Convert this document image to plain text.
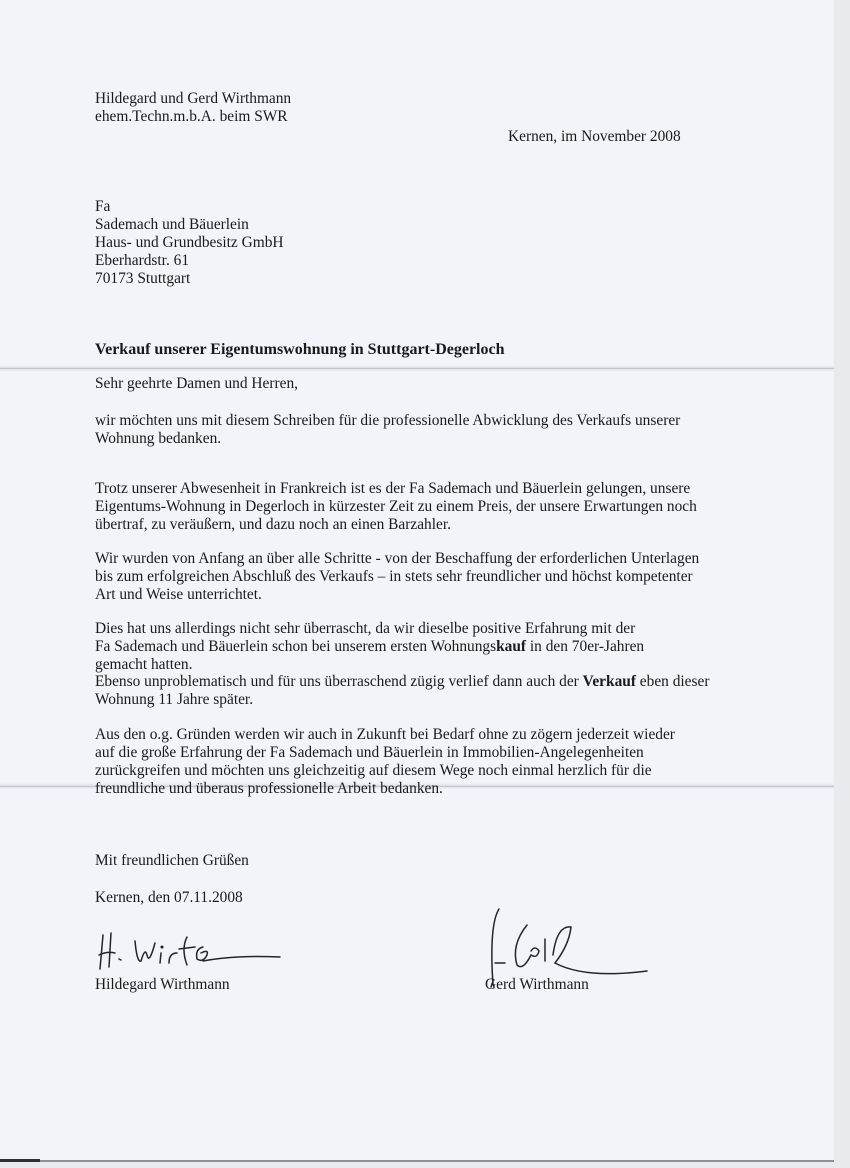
Hildegard und Gerd Wirthmann

ehem.Techn.m.b.A. beim SWR

Kernen, im November 2008

Fa

Sademach und Bäuerlein

Haus- und Grundbesitz GmbH

Eberhardstr. 61

70173 Stuttgart

Verkauf unserer Eigentumswohnung in Stuttgart-Degerloch

Sehr geehrte Damen und Herren,

wir möchten uns mit diesem Schreiben für die professionelle Abwicklung des Verkaufs unserer

Wohnung bedanken.

Trotz unserer Abwesenheit in Frankreich ist es der Fa Sademach und Bäuerlein gelungen, unsere

Eigentums-Wohnung in Degerloch in kürzester Zeit zu einem Preis, der unsere Erwartungen noch

übertraf, zu veräußern, und dazu noch an einen Barzahler.

Wir wurden von Anfang an über alle Schritte - von der Beschaffung der erforderlichen Unterlagen

bis zum erfolgreichen Abschluß des Verkaufs – in stets sehr freundlicher und höchst kompetenter

Art und Weise unterrichtet.

Dies hat uns allerdings nicht sehr überrascht, da wir dieselbe positive Erfahrung mit der

Fa Sademach und Bäuerlein schon bei unserem ersten Wohnungskauf in den 70er-Jahren

gemacht hatten.

Ebenso unproblematisch und für uns überraschend zügig verlief dann auch der Verkauf eben dieser

Wohnung 11 Jahre später.

Aus den o.g. Gründen werden wir auch in Zukunft bei Bedarf ohne zu zögern jederzeit wieder

auf die große Erfahrung der Fa Sademach und Bäuerlein in Immobilien-Angelegenheiten

zurückgreifen und möchten uns gleichzeitig auf diesem Wege noch einmal herzlich für die

freundliche und überaus professionelle Arbeit bedanken.

Mit freundlichen Grüßen

Kernen, den 07.11.2008

Hildegard Wirthmann	Gerd Wirthmann
